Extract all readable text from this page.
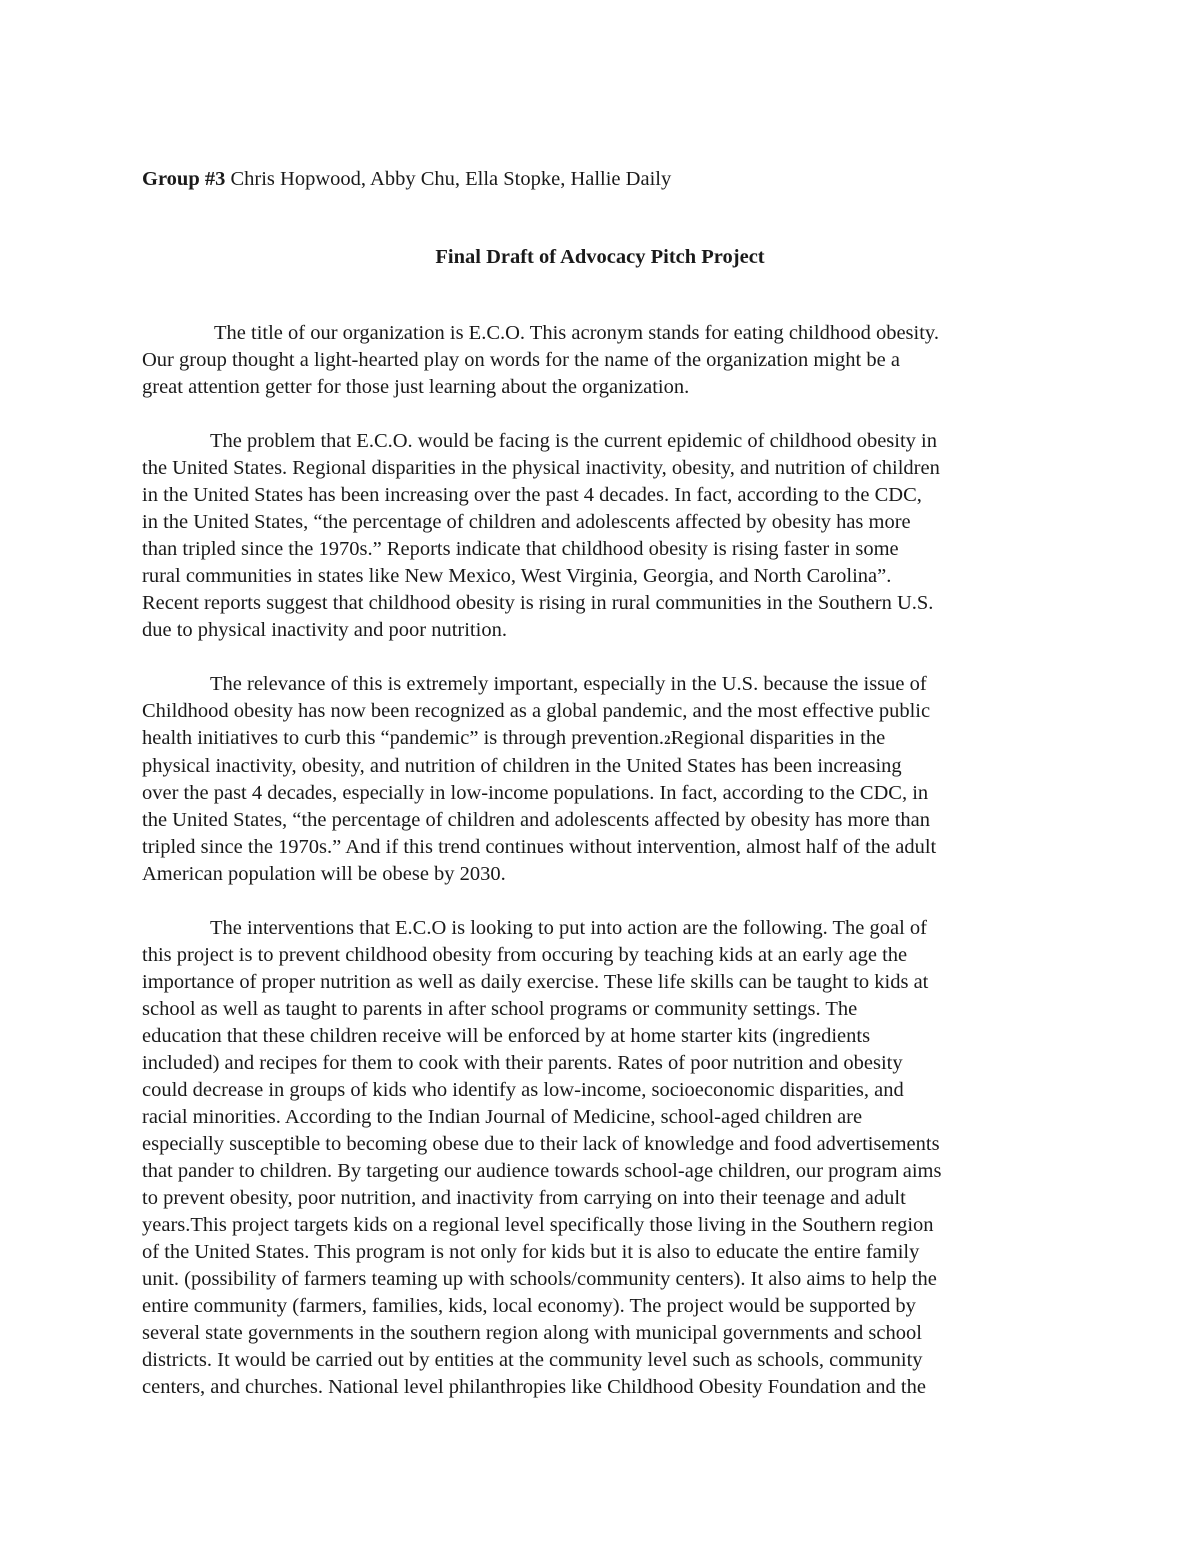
Group #3 Chris Hopwood, Abby Chu, Ella Stopke, Hallie Daily
Final Draft of Advocacy Pitch Project
The title of our organization is E.C.O. This acronym stands for eating childhood obesity.
Our group thought a light-hearted play on words for the name of the organization might be a
great attention getter for those just learning about the organization.
The problem that E.C.O. would be facing is the current epidemic of childhood obesity in
the United States. Regional disparities in the physical inactivity, obesity, and nutrition of children
in the United States has been increasing over the past 4 decades. In fact, according to the CDC,
in the United States, “the percentage of children and adolescents affected by obesity has more
than tripled since the 1970s.” Reports indicate that childhood obesity is rising faster in some
rural communities in states like New Mexico, West Virginia, Georgia, and North Carolina”.
Recent reports suggest that childhood obesity is rising in rural communities in the Southern U.S.
due to physical inactivity and poor nutrition.
The relevance of this is extremely important, especially in the U.S. because the issue of
Childhood obesity has now been recognized as a global pandemic, and the most effective public
health initiatives to curb this “pandemic” is through prevention.2Regional disparities in the
physical inactivity, obesity, and nutrition of children in the United States has been increasing
over the past 4 decades, especially in low-income populations. In fact, according to the CDC, in
the United States, “the percentage of children and adolescents affected by obesity has more than
tripled since the 1970s.” And if this trend continues without intervention, almost half of the adult
American population will be obese by 2030.
The interventions that E.C.O is looking to put into action are the following. The goal of
this project is to prevent childhood obesity from occuring by teaching kids at an early age the
importance of proper nutrition as well as daily exercise. These life skills can be taught to kids at
school as well as taught to parents in after school programs or community settings. The
education that these children receive will be enforced by at home starter kits (ingredients
included) and recipes for them to cook with their parents. Rates of poor nutrition and obesity
could decrease in groups of kids who identify as low-income, socioeconomic disparities, and
racial minorities. According to the Indian Journal of Medicine, school-aged children are
especially susceptible to becoming obese due to their lack of knowledge and food advertisements
that pander to children. By targeting our audience towards school-age children, our program aims
to prevent obesity, poor nutrition, and inactivity from carrying on into their teenage and adult
years.This project targets kids on a regional level specifically those living in the Southern region
of the United States. This program is not only for kids but it is also to educate the entire family
unit. (possibility of farmers teaming up with schools/community centers). It also aims to help the
entire community (farmers, families, kids, local economy). The project would be supported by
several state governments in the southern region along with municipal governments and school
districts. It would be carried out by entities at the community level such as schools, community
centers, and churches. National level philanthropies like Childhood Obesity Foundation and the
